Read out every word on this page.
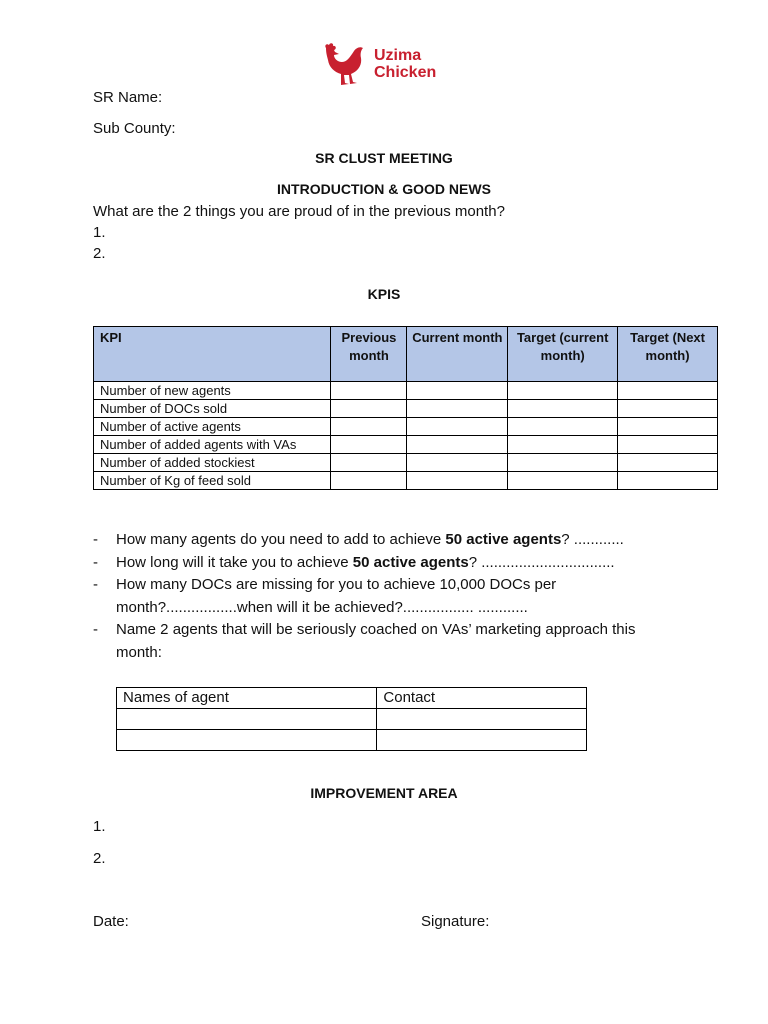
Uzima
Chicken
SR Name:
Sub County:
SR CLUST MEETING
INTRODUCTION & GOOD NEWS
What are the 2 things you are proud of in the previous month?
1.
2.
KPIS
KPI	Previous month	Current month	Target (current month)	Target (Next month)
Number of new agents				
Number of DOCs sold				
Number of active agents				
Number of added agents with VAs				
Number of added stockiest				
Number of Kg of feed sold				
-	How many agents do you need to add to achieve 50 active agents? ............
-	How long will it take you to achieve 50 active agents? ................................
-	How many DOCs are missing for you to achieve 10,000 DOCs per month?.................when will it be achieved?................. ............
-	Name 2 agents that will be seriously coached on VAs’ marketing approach this month:
Names of agent	Contact

IMPROVEMENT AREA
1.
2.
Date:	Signature:
